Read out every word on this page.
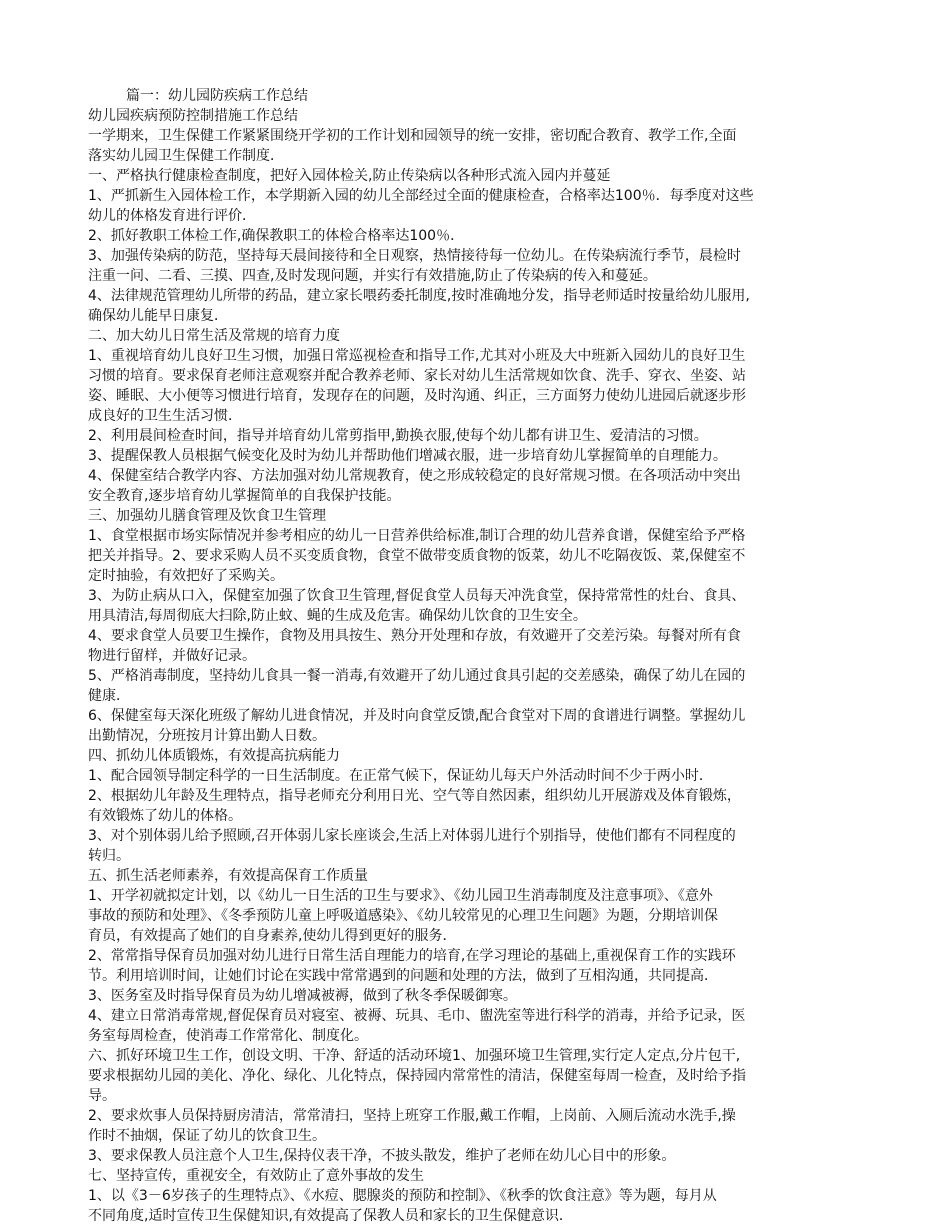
篇一：幼儿园防疾病工作总结
幼儿园疾病预防控制措施工作总结
一学期来，卫生保健工作紧紧围绕开学初的工作计划和园领导的统一安排，密切配合教育、教学工作,全面
落实幼儿园卫生保健工作制度．
一、严格执行健康检查制度，把好入园体检关,防止传染病以各种形式流入园内并蔓延
1、严抓新生入园体检工作，本学期新入园的幼儿全部经过全面的健康检查，合格率达100％．每季度对这些
幼儿的体格发育进行评价．
2、抓好教职工体检工作,确保教职工的体检合格率达100％．
3、加强传染病的防范，坚持每天晨间接待和全日观察，热情接待每一位幼儿。在传染病流行季节，晨检时
注重一问、二看、三摸、四查,及时发现问题，并实行有效措施,防止了传染病的传入和蔓延。
4、法律规范管理幼儿所带的药品，建立家长喂药委托制度,按时准确地分发，指导老师适时按量给幼儿服用,
确保幼儿能早日康复．
二、加大幼儿日常生活及常规的培育力度
1、重视培育幼儿良好卫生习惯，加强日常巡视检查和指导工作,尤其对小班及大中班新入园幼儿的良好卫生
习惯的培育。要求保育老师注意观察并配合教养老师、家长对幼儿生活常规如饮食、洗手、穿衣、坐姿、站
姿、睡眠、大小便等习惯进行培育，发现存在的问题，及时沟通、纠正，三方面努力使幼儿进园后就逐步形
成良好的卫生生活习惯．
2、利用晨间检查时间，指导并培育幼儿常剪指甲,勤换衣服,使每个幼儿都有讲卫生、爱清洁的习惯。
3、提醒保教人员根据气候变化及时为幼儿并帮助他们增减衣服，进一步培育幼儿掌握简单的自理能力。
4、保健室结合教学内容、方法加强对幼儿常规教育，使之形成较稳定的良好常规习惯。在各项活动中突出
安全教育,逐步培育幼儿掌握简单的自我保护技能。
三、加强幼儿膳食管理及饮食卫生管理
1、食堂根据市场实际情况并参考相应的幼儿一日营养供给标准,制订合理的幼儿营养食谱，保健室给予严格
把关并指导。2、要求采购人员不买变质食物，食堂不做带变质食物的饭菜，幼儿不吃隔夜饭、菜,保健室不
定时抽验，有效把好了采购关。
3、为防止病从口入，保健室加强了饮食卫生管理,督促食堂人员每天冲洗食堂，保持常常性的灶台、食具、
用具清洁,每周彻底大扫除,防止蚊、蝇的生成及危害。确保幼儿饮食的卫生安全。
4、要求食堂人员要卫生操作，食物及用具按生、熟分开处理和存放，有效避开了交差污染。每餐对所有食
物进行留样，并做好记录。
5、严格消毒制度，坚持幼儿食具一餐一消毒,有效避开了幼儿通过食具引起的交差感染，确保了幼儿在园的
健康．
6、保健室每天深化班级了解幼儿进食情况，并及时向食堂反馈,配合食堂对下周的食谱进行调整。掌握幼儿
出勤情况，分班按月计算出勤人日数。
四、抓幼儿体质锻炼，有效提高抗病能力
1、配合园领导制定科学的一日生活制度。在正常气候下，保证幼儿每天户外活动时间不少于两小时．
2、根据幼儿年龄及生理特点，指导老师充分利用日光、空气等自然因素，组织幼儿开展游戏及体育锻炼，
有效锻炼了幼儿的体格。
3、对个别体弱儿给予照顾,召开体弱儿家长座谈会,生活上对体弱儿进行个别指导，使他们都有不同程度的
转归。
五、抓生活老师素养，有效提高保育工作质量
1、开学初就拟定计划，以《幼儿一日生活的卫生与要求》、《幼儿园卫生消毒制度及注意事项》、《意外
事故的预防和处理》、《冬季预防儿童上呼吸道感染》、《幼儿较常见的心理卫生问题》为题，分期培训保
育员，有效提高了她们的自身素养,使幼儿得到更好的服务．
2、常常指导保育员加强对幼儿进行日常生活自理能力的培育,在学习理论的基础上,重视保育工作的实践环
节。利用培训时间，让她们讨论在实践中常常遇到的问题和处理的方法，做到了互相沟通，共同提高．
3、医务室及时指导保育员为幼儿增减被褥，做到了秋冬季保暖御寒。
4、建立日常消毒常规,督促保育员对寝室、被褥、玩具、毛巾、盥洗室等进行科学的消毒，并给予记录，医
务室每周检查，使消毒工作常常化、制度化。
六、抓好环境卫生工作，创设文明、干净、舒适的活动环境1、加强环境卫生管理,实行定人定点,分片包干,
要求根据幼儿园的美化、净化、绿化、儿化特点，保持园内常常性的清洁，保健室每周一检查，及时给予指
导。
2、要求炊事人员保持厨房清洁，常常清扫，坚持上班穿工作服,戴工作帽，上岗前、入厕后流动水洗手,操
作时不抽烟，保证了幼儿的饮食卫生。
3、要求保教人员注意个人卫生,保持仪表干净，不披头散发，维护了老师在幼儿心目中的形象。
七、坚持宣传，重视安全，有效防止了意外事故的发生
1、以《3－6岁孩子的生理特点》、《水痘、腮腺炎的预防和控制》、《秋季的饮食注意》等为题，每月从
不同角度,适时宣传卫生保健知识,有效提高了保教人员和家长的卫生保健意识．
